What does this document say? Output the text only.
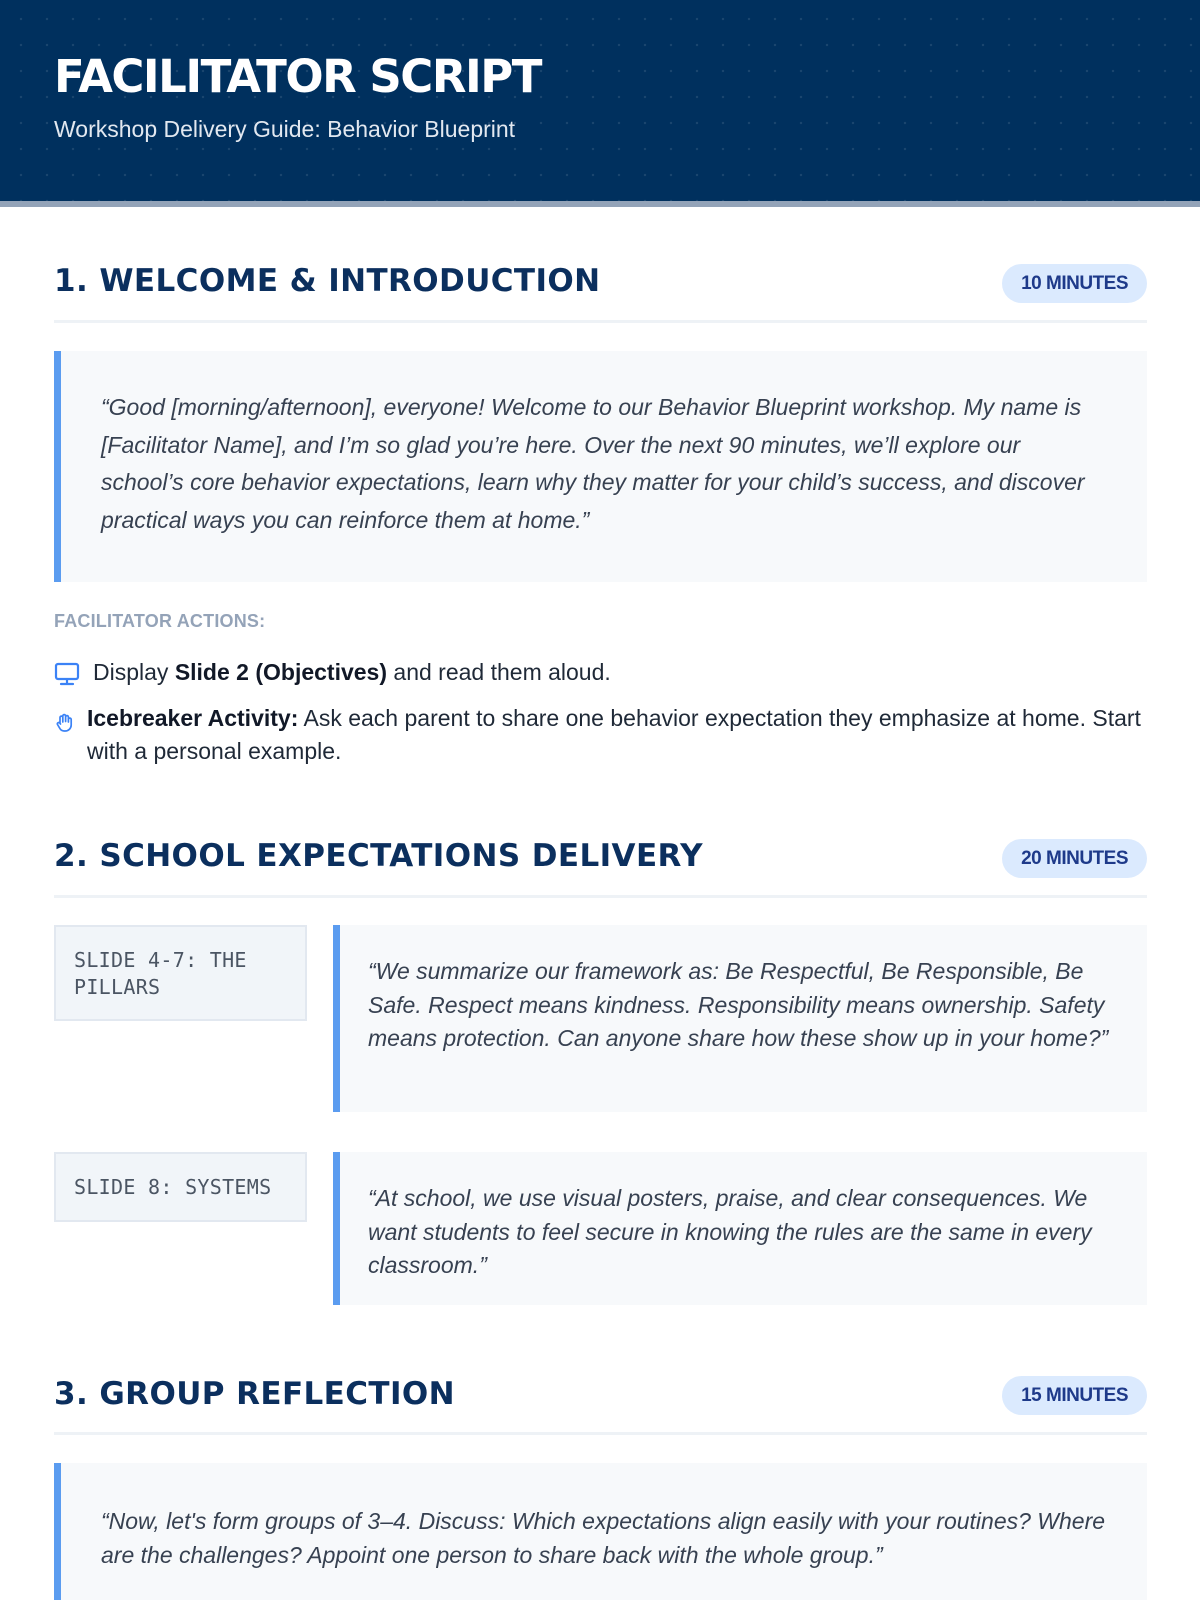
FACILITATOR SCRIPT
Workshop Delivery Guide: Behavior Blueprint
1. WELCOME & INTRODUCTION	10 MINUTES
“Good [morning/afternoon], everyone! Welcome to our Behavior Blueprint workshop. My name is [Facilitator Name], and I’m so glad you’re here. Over the next 90 minutes, we’ll explore our school’s core behavior expectations, learn why they matter for your child’s success, and discover practical ways you can reinforce them at home.”
FACILITATOR ACTIONS:
Display Slide 2 (Objectives) and read them aloud.
Icebreaker Activity: Ask each parent to share one behavior expectation they emphasize at home. Start with a personal example.
2. SCHOOL EXPECTATIONS DELIVERY	20 MINUTES
SLIDE 4-7: THE PILLARS
“We summarize our framework as: Be Respectful, Be Responsible, Be Safe. Respect means kindness. Responsibility means ownership. Safety means protection. Can anyone share how these show up in your home?”
SLIDE 8: SYSTEMS	“At school, we use visual posters, praise, and clear consequences. We want students to feel secure in knowing the rules are the same in every classroom.”
3. GROUP REFLECTION	15 MINUTES
“Now, let's form groups of 3–4. Discuss: Which expectations align easily with your routines? Where are the challenges? Appoint one person to share back with the whole group.”
